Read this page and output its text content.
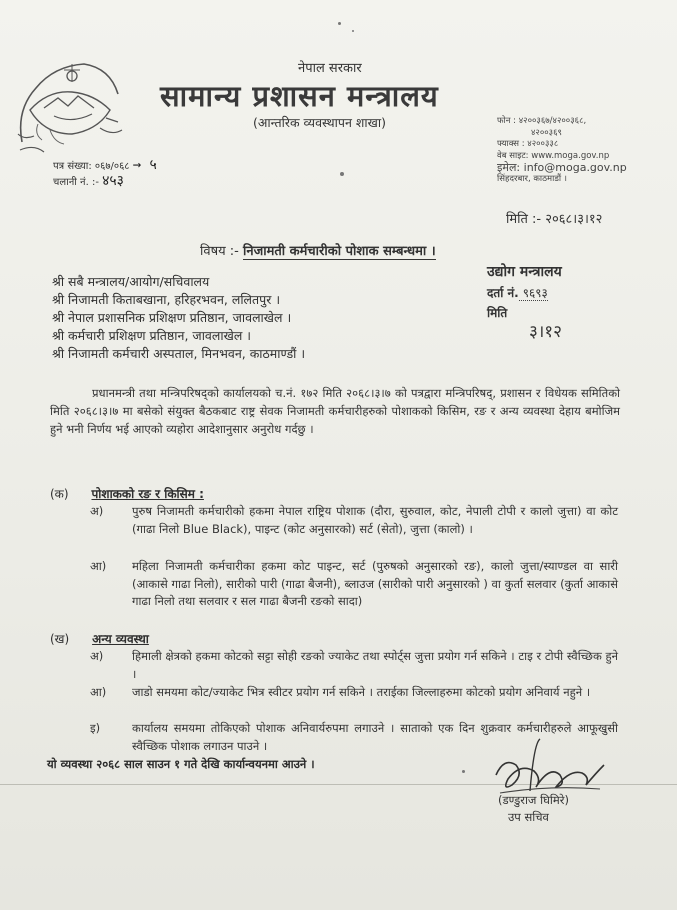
नेपाल सरकार
सामान्य प्रशासन मन्त्रालय
(आन्तरिक व्यवस्थापन शाखा)	फोन : ४२००३६७/४२००३६८,
४२००३६९
फ्याक्स : ४२००३३८
वेब साइट: www.moga.gov.np
इमेल: info@moga.gov.np
सिंहदरबार, काठमाडौं ।
पत्र संख्या: ०६७/०६८ → ५
चलानी नं. :- ४५३
मिति :- २०६८।३।१२
विषय :- निजामती कर्मचारीको पोशाक सम्बन्धमा ।
उद्योग मन्त्रालय
दर्ता नं. ९६९३
मिति
३।१२
श्री सबै मन्त्रालय/आयोग/सचिवालय
श्री निजामती किताबखाना, हरिहरभवन, ललितपुर ।
श्री नेपाल प्रशासनिक प्रशिक्षण प्रतिष्ठान, जावलाखेल ।
श्री कर्मचारी प्रशिक्षण प्रतिष्ठान, जावलाखेल ।
श्री निजामती कर्मचारी अस्पताल, मिनभवन, काठमाण्डौं ।
प्रधानमन्त्री तथा मन्त्रिपरिषद्को कार्यालयको च.नं. १७२ मिति २०६८।३।७ को पत्रद्वारा मन्त्रिपरिषद्, प्रशासन र विधेयक समितिको मिति २०६८।३।७ मा बसेको संयुक्त बैठकबाट राष्ट्र सेवक निजामती कर्मचारीहरुको पोशाकको किसिम, रङ र अन्य व्यवस्था देहाय बमोजिम हुने भनी निर्णय भई आएको व्यहोरा आदेशानुसार अनुरोध गर्दछु ।
(क) पोशाकको रङ र किसिम :
अ) पुरुष निजामती कर्मचारीको हकमा नेपाल राष्ट्रिय पोशाक (दौरा, सुरुवाल, कोट, नेपाली टोपी र कालो जुत्ता) वा कोट (गाढा निलो Blue Black), पाइन्ट (कोट अनुसारको) सर्ट (सेतो), जुत्ता (कालो) ।
आ) महिला निजामती कर्मचारीका हकमा कोट पाइन्ट, सर्ट (पुरुषको अनुसारको रङ), कालो जुत्ता/स्याण्डल वा सारी (आकासे गाढा निलो), सारीको पारी (गाढा बैजनी), ब्लाउज (सारीको पारी अनुसारको ) वा कुर्ता सलवार (कुर्ता आकासे गाढा निलो तथा सलवार र सल गाढा बैजनी रङको सादा)
(ख) अन्य व्यवस्था
अ) हिमाली क्षेत्रको हकमा कोटको सट्टा सोही रङको ज्याकेट तथा स्पोर्ट्स जुत्ता प्रयोग गर्न सकिने । टाइ र टोपी स्वैच्छिक हुने ।
आ) जाडो समयमा कोट/ज्याकेट भित्र स्वीटर प्रयोग गर्न सकिने । तराईका जिल्लाहरुमा कोटको प्रयोग अनिवार्य नहुने ।
इ)	कार्यालय समयमा तोकिएको पोशाक अनिवार्यरुपमा लगाउने । साताको एक दिन शुक्रवार कर्मचारीहरुले आफूखुसी स्वैच्छिक पोशाक लगाउन पाउने ।
यो व्यवस्था २०६८ साल साउन १ गते देखि कार्यान्वयनमा आउने ।
(डण्डुराज घिमिरे)
उप सचिव
